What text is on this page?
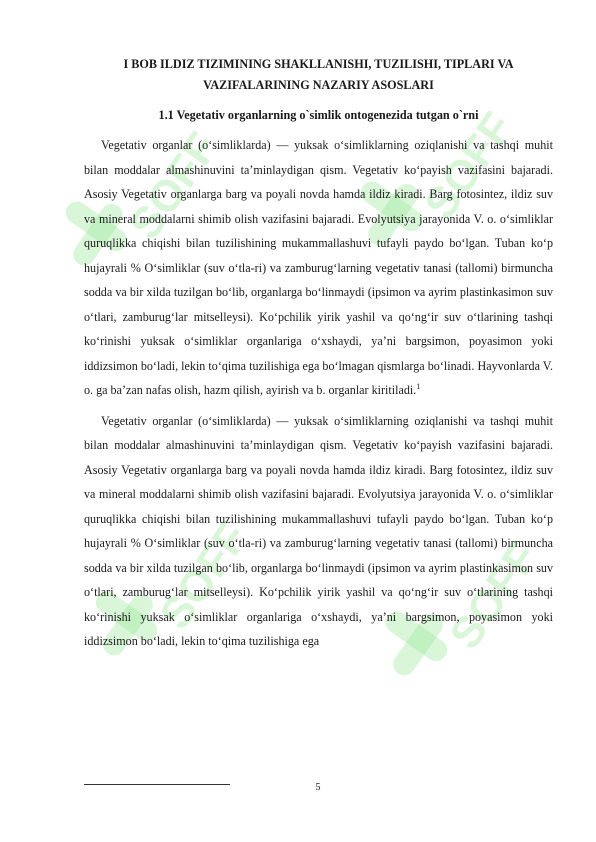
SOFF	SOFF
SOFF	SOFF
I BOB ILDIZ TIZIMINING SHAKLLANISHI, TUZILISHI, TIPLARI VA VAZIFALARINING NAZARIY ASOSLARI
1.1 Vegetativ organlarning o`simlik ontogenezida tutgan o`rni

Vegetativ organlar (o‘simliklarda) — yuksak o‘simliklarning oziqlanishi va tashqi muhit bilan moddalar almashinuvini ta’minlaydigan qism. Vegetativ ko‘payish vazifasini bajaradi. Asosiy Vegetativ organlarga barg va poyali novda hamda ildiz kiradi. Barg fotosintez, ildiz suv va mineral moddalarni shimib olish vazifasini bajaradi. Evolyutsiya jarayonida V. o. o‘simliklar quruqlikka chiqishi bilan tuzilishining mukammallashuvi tufayli paydo bo‘lgan. Tuban ko‘p hujayrali % O‘simliklar (suv o‘tla-ri) va zamburug‘larning vegetativ tanasi (tallomi) birmuncha sodda va bir xilda tuzilgan bo‘lib, organlarga bo‘linmaydi (ipsimon va ayrim plastinkasimon suv o‘tlari, zamburug‘lar mitselleysi). Ko‘pchilik yirik yashil va qo‘ng‘ir suv o‘tlarining tashqi ko‘rinishi yuksak o‘simliklar organlariga o‘xshaydi, ya’ni bargsimon, poyasimon yoki iddizsimon bo‘ladi, lekin to‘qima tuzilishiga ega bo‘lmagan qismlarga bo‘linadi. Hayvonlarda V. o. ga ba’zan nafas olish, hazm qilish, ayirish va b. organlar kiritiladi.$^1$

Vegetativ organlar (o‘simliklarda) — yuksak o‘simliklarning oziqlanishi va tashqi muhit bilan moddalar almashinuvini ta’minlaydigan qism. Vegetativ ko‘payish vazifasini bajaradi. Asosiy Vegetativ organlarga barg va poyali novda hamda ildiz kiradi. Barg fotosintez, ildiz suv va mineral moddalarni shimib olish vazifasini bajaradi. Evolyutsiya jarayonida V. o. o‘simliklar quruqlikka chiqishi bilan tuzilishining mukammallashuvi tufayli paydo bo‘lgan. Tuban ko‘p hujayrali % O‘simliklar (suv o‘tla-ri) va zamburug‘larning vegetativ tanasi (tallomi) birmuncha sodda va bir xilda tuzilgan bo‘lib, organlarga bo‘linmaydi (ipsimon va ayrim plastinkasimon suv o‘tlari, zamburug‘lar mitselleysi). Ko‘pchilik yirik yashil va qo‘ng‘ir suv o‘tlarining tashqi ko‘rinishi yuksak o‘simliklar organlariga o‘xshaydi, ya’ni bargsimon, poyasimon yoki iddizsimon bo‘ladi, lekin to‘qima tuzilishiga ega

5
